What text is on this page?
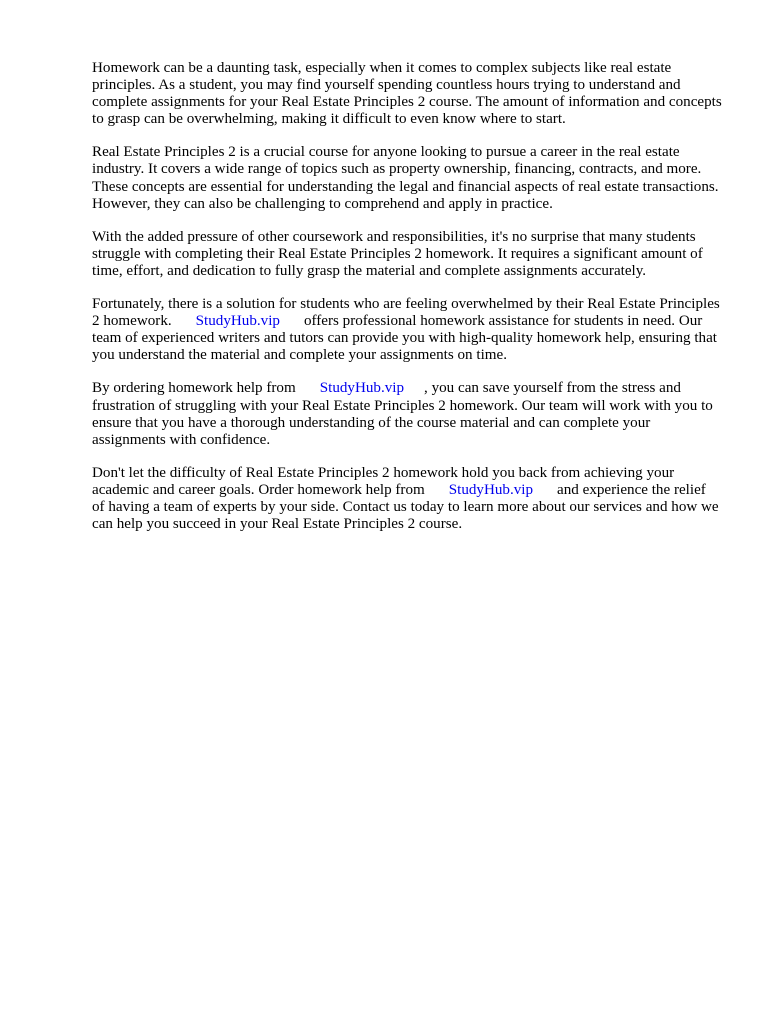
Homework can be a daunting task, especially when it comes to complex subjects like real estate principles. As a student, you may find yourself spending countless hours trying to understand and complete assignments for your Real Estate Principles 2 course. The amount of information and concepts to grasp can be overwhelming, making it difficult to even know where to start.

Real Estate Principles 2 is a crucial course for anyone looking to pursue a career in the real estate industry. It covers a wide range of topics such as property ownership, financing, contracts, and more. These concepts are essential for understanding the legal and financial aspects of real estate transactions. However, they can also be challenging to comprehend and apply in practice.

With the added pressure of other coursework and responsibilities, it's no surprise that many students struggle with completing their Real Estate Principles 2 homework. It requires a significant amount of time, effort, and dedication to fully grasp the material and complete assignments accurately.

Fortunately, there is a solution for students who are feeling overwhelmed by their Real Estate Principles 2 homework. StudyHub.vip offers professional homework assistance for students in need. Our team of experienced writers and tutors can provide you with high-quality homework help, ensuring that you understand the material and complete your assignments on time.

By ordering homework help from StudyHub.vip , you can save yourself from the stress and frustration of struggling with your Real Estate Principles 2 homework. Our team will work with you to ensure that you have a thorough understanding of the course material and can complete your assignments with confidence.

Don't let the difficulty of Real Estate Principles 2 homework hold you back from achieving your academic and career goals. Order homework help from StudyHub.vip and experience the relief of having a team of experts by your side. Contact us today to learn more about our services and how we can help you succeed in your Real Estate Principles 2 course.
